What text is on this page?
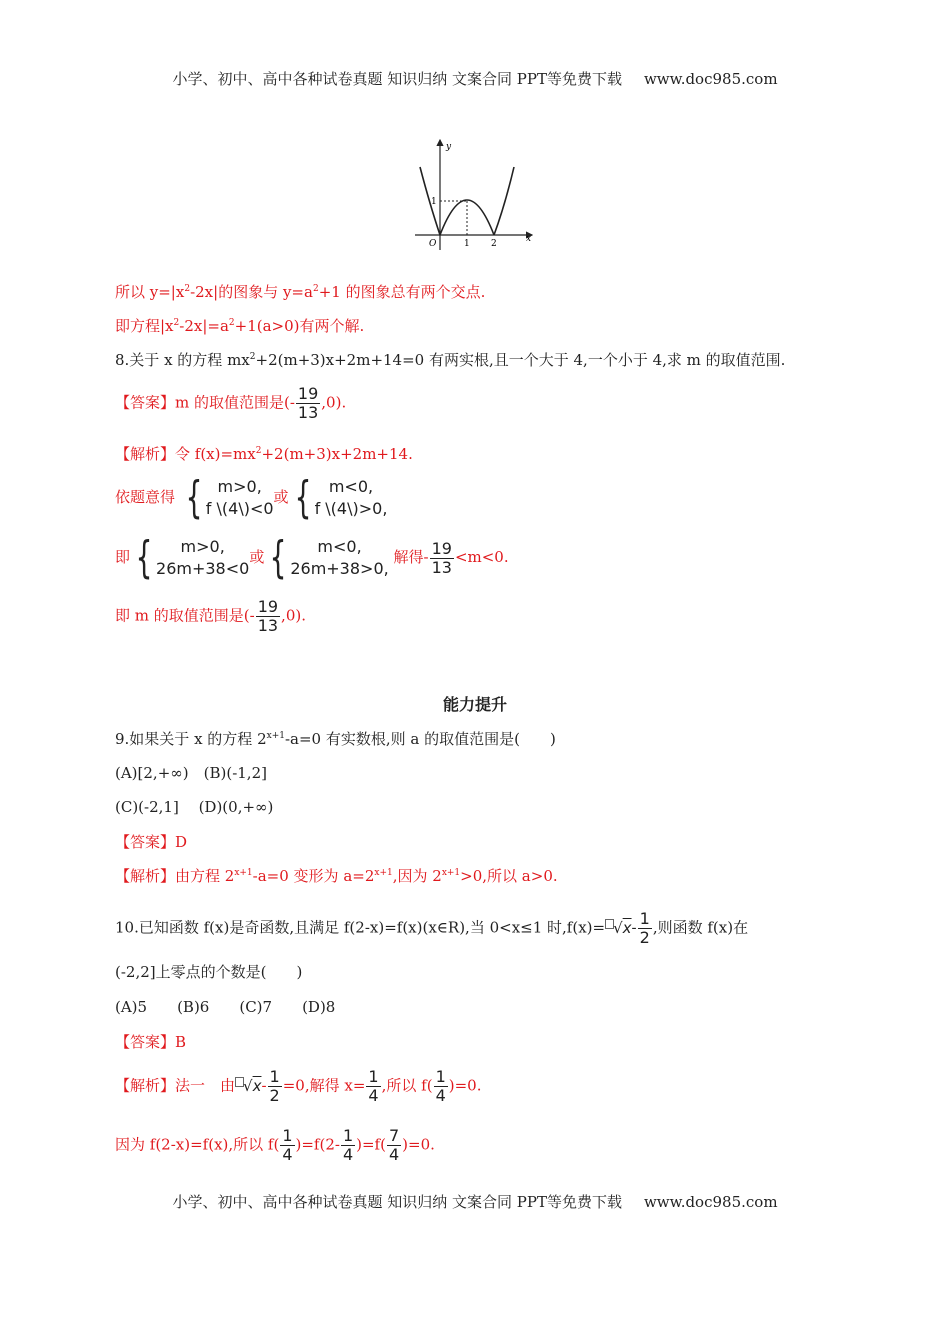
小学、初中、高中各种试卷真题 知识归纳 文案合同 PPT等免费下载 www.doc985.com
y
x
O	1 2
1
所以 $y=|x^2-2x|$的图象与 $y=a^2+1$ 的图象总有两个交点.
即方程$|x^2-2x|=a^2+1(a>0)$有两个解.
8.关于 x 的方程 $mx^2+2(m+3)x+2m+14=0$ 有两实根,且一个大于 4,一个小于 4,求 m 的取值范围.
【答案】m 的取值范围是(- $\frac{19}{13} ,0$).
【解析】令 $f(x)=mx^2+2(m+3)x+2m+14$.
依题意得 { m>0,
f \(4\)<0
或 {	m<0,
f \(4\)>0,
即 {	m>0,
26m+38<0
或 {	m<0,
26m+38>0,
解得- $\frac{19}{13} <m<0$.
即 m 的取值范围是(- $\frac{19}{13} ,0$).
能力提升
9.如果关于 x 的方程 $2^{x+1}-a=0$ 有实数根,则 a 的取值范围是(　　)
(A)[2,+∞)　(B)(-1,2]
(C)(-2,1]　 (D)(0,+∞)
【答案】D
【解析】由方程 $2^{x+1}-a=0$ 变形为 $a=2^{x+1}$,因为 $2^{x+1}>0$,所以 a>0.
10.已知函数 f(x)是奇函数,且满足 f(2-x)=f(x)(x∈R),当 0<x≤1 时$,f(x)= √x- \frac{1}{2}$ ,则函数 f(x)在
(-2,2]上零点的个数是(　　)
(A)5　　(B)6　　(C)7　　(D)8
【答案】B
【解析】法一　由 $√x- \frac{1}{2} =0$,解得 $x= \frac{1}{4}$ ,所以 $f( \frac{1}{4} )=0$.
因为 f(2-x)=f(x),所以 $f( \frac{1}{4} )=f(2- \frac{1}{4} )=f( \frac{7}{4} )=0$.
小学、初中、高中各种试卷真题 知识归纳 文案合同 PPT等免费下载 www.doc985.com
